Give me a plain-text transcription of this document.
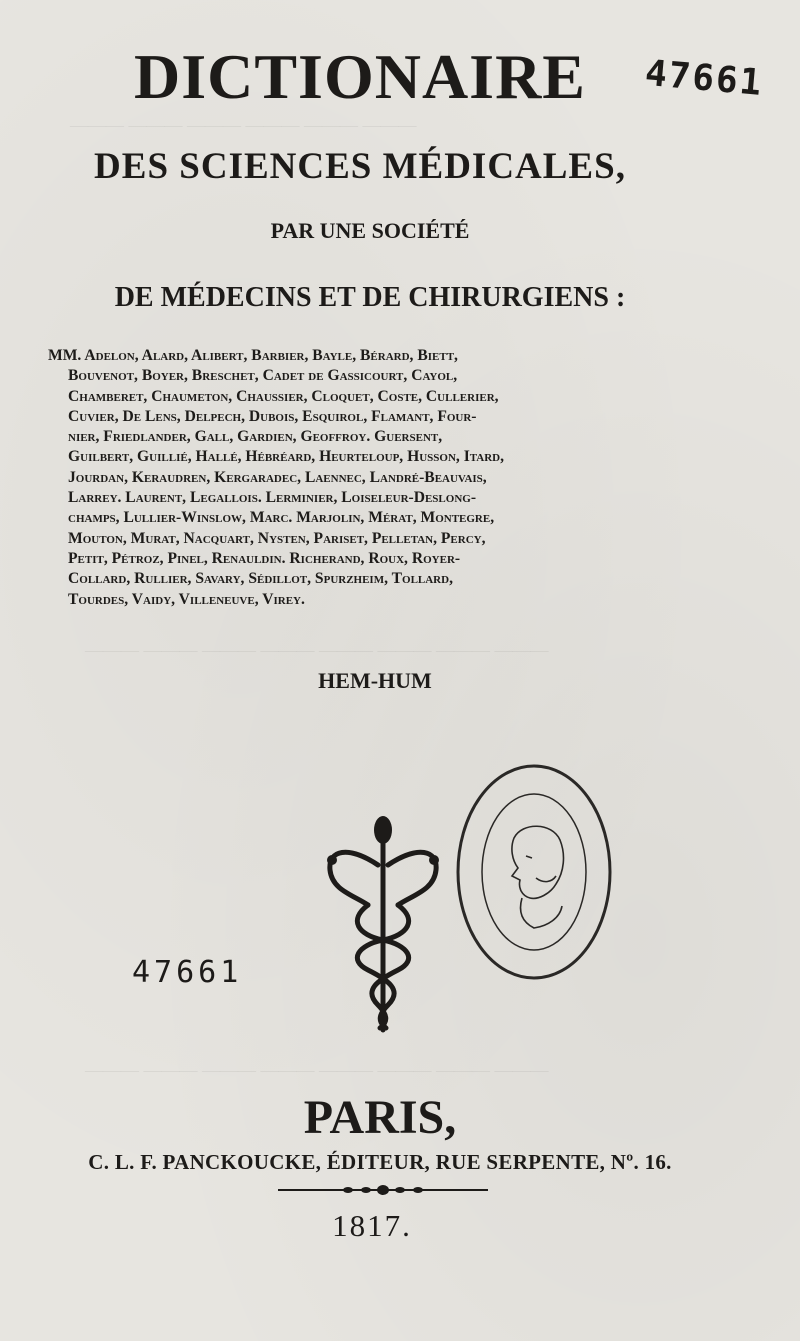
——— ——— ——— ——— ——— ———
——— ——— ——— ——— ——— ——— ——— ———
——— ——— ——— ——— ——— ——— ——— ———
DICTIONAIRE	47661
DES SCIENCES MÉDICALES,
PAR UNE SOCIÉTÉ
DE MÉDECINS ET DE CHIRURGIENS :
MM. Adelon, Alard, Alibert, Barbier, Bayle, Bérard, Biett,
Bouvenot, Boyer, Breschet, Cadet de Gassicourt, Cayol,
Chamberet, Chaumeton, Chaussier, Cloquet, Coste, Cullerier,
Cuvier, De Lens, Delpech, Dubois, Esquirol, Flamant, Four-
nier, Friedlander, Gall, Gardien, Geoffroy. Guersent,
Guilbert, Guillié, Hallé, Hébréard, Heurteloup, Husson, Itard,
Jourdan, Keraudren, Kergaradec, Laennec, Landré-Beauvais,
Larrey. Laurent, Legallois. Lerminier, Loiseleur-Deslong-
champs, Lullier-Winslow, Marc. Marjolin, Mérat, Montegre,
Mouton, Murat, Nacquart, Nysten, Pariset, Pelletan, Percy,
Petit, Pétroz, Pinel, Renauldin. Richerand, Roux, Royer-
Collard, Rullier, Savary, Sédillot, Spurzheim, Tollard,
Tourdes, Vaidy, Villeneuve, Virey.
HEM-HUM
47661
PARIS,
C. L. F. PANCKOUCKE, ÉDITEUR, RUE SERPENTE, Nº. 16.
1817.
